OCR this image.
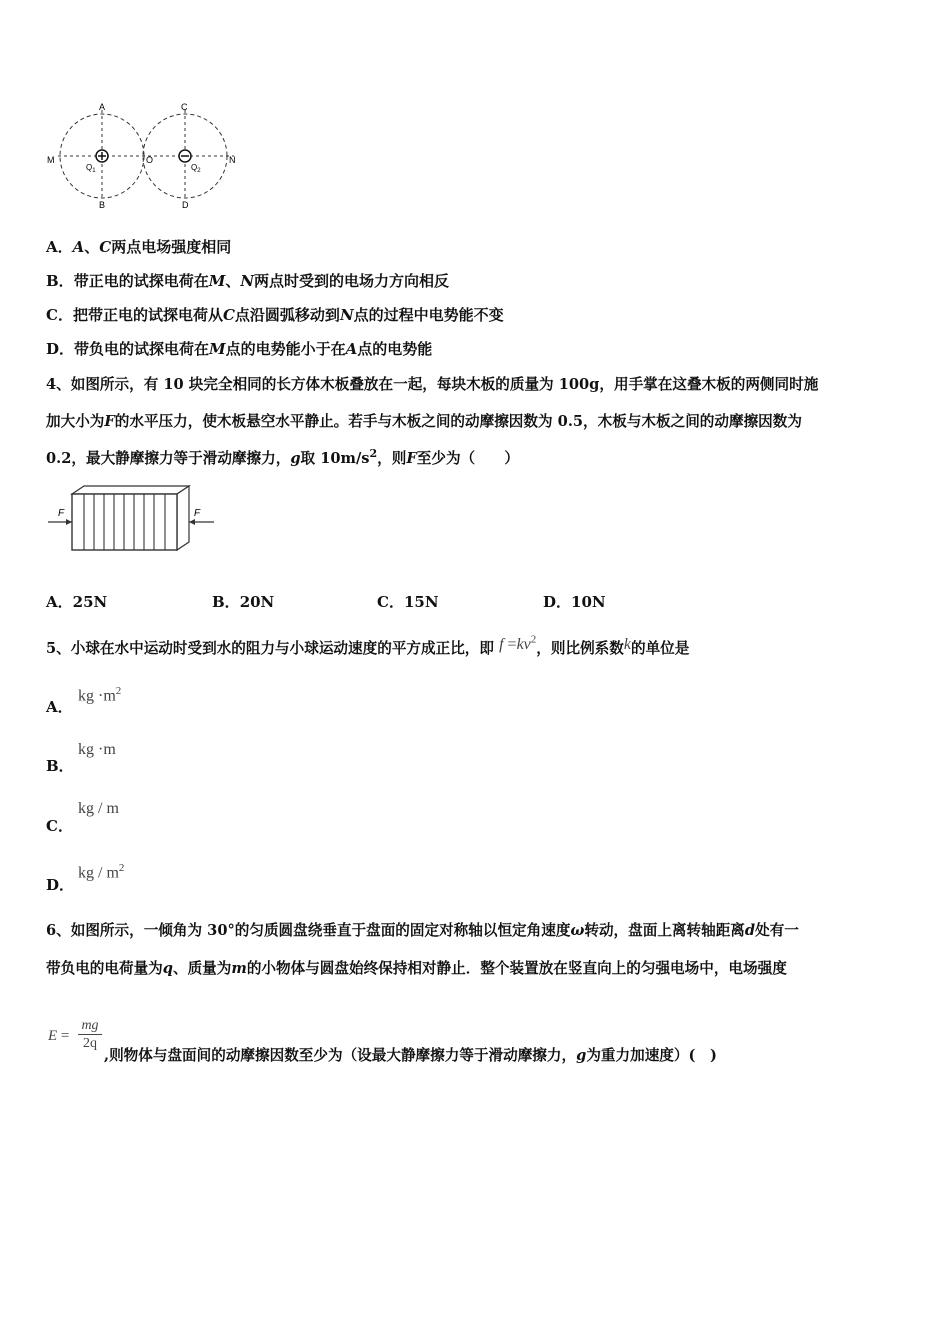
A
B
C
D
M	N
O
$Q_1$	$Q_2$
A．A、C两点电场强度相同
B．带正电的试探电荷在M、N两点时受到的电场力方向相反
C．把带正电的试探电荷从C点沿圆弧移动到N点的过程中电势能不变
D．带负电的试探电荷在M点的电势能小于在A点的电势能
4、如图所示，有 10 块完全相同的长方体木板叠放在一起，每块木板的质量为 100g，用手掌在这叠木板的两侧同时施
加大小为F的水平压力，使木板悬空水平静止。若手与木板之间的动摩擦因数为 0.5，木板与木板之间的动摩擦因数为
0.2，最大静摩擦力等于滑动摩擦力，g取 $10m/s^2$，则F至少为（　　）
F	F
A．25N	B．20N	C．15N	D．10N
5、小球在水中运动时受到水的阻力与小球运动速度的平方成正比，即 $f =kv^2$，则比例系数k的单位是
A．
kg $\cdot m^2$
B．
kg ·m
C．
kg / m
D．
kg / $m^2$
6、如图所示，一倾角为 30°的匀质圆盘绕垂直于盘面的固定对称轴以恒定角速度ω转动，盘面上离转轴距离d处有一
带负电的电荷量为q、质量为m的小物体与圆盘始终保持相对静止．整个装置放在竖直向上的匀强电场中，电场强度
E =
mg
2q
,则物体与盘面间的动摩擦因数至少为（设最大静摩擦力等于滑动摩擦力，g为重力加速度）(　)
